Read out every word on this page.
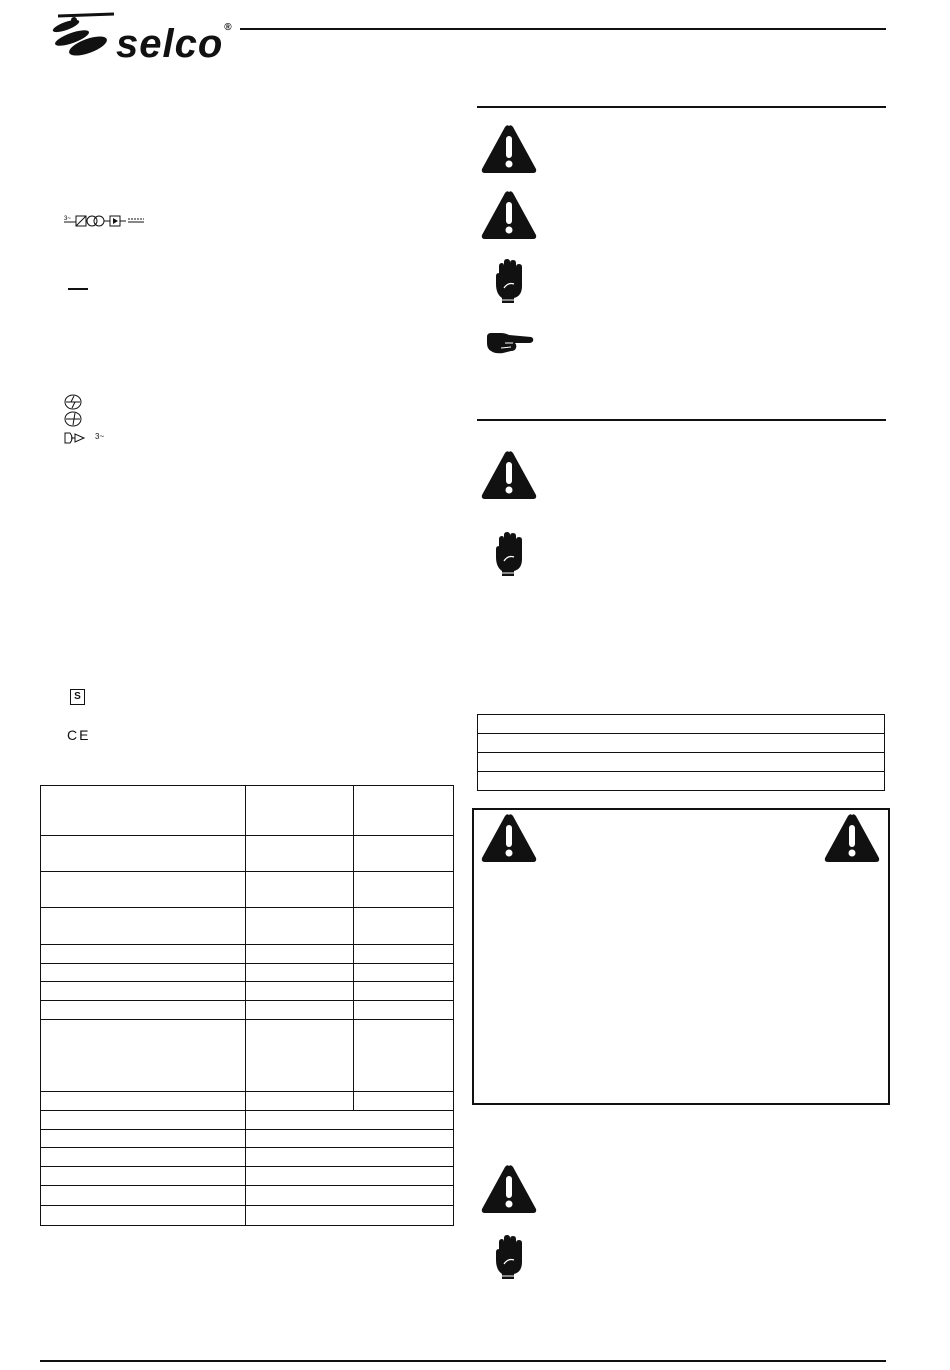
selco®
3~
3~
S
CE
